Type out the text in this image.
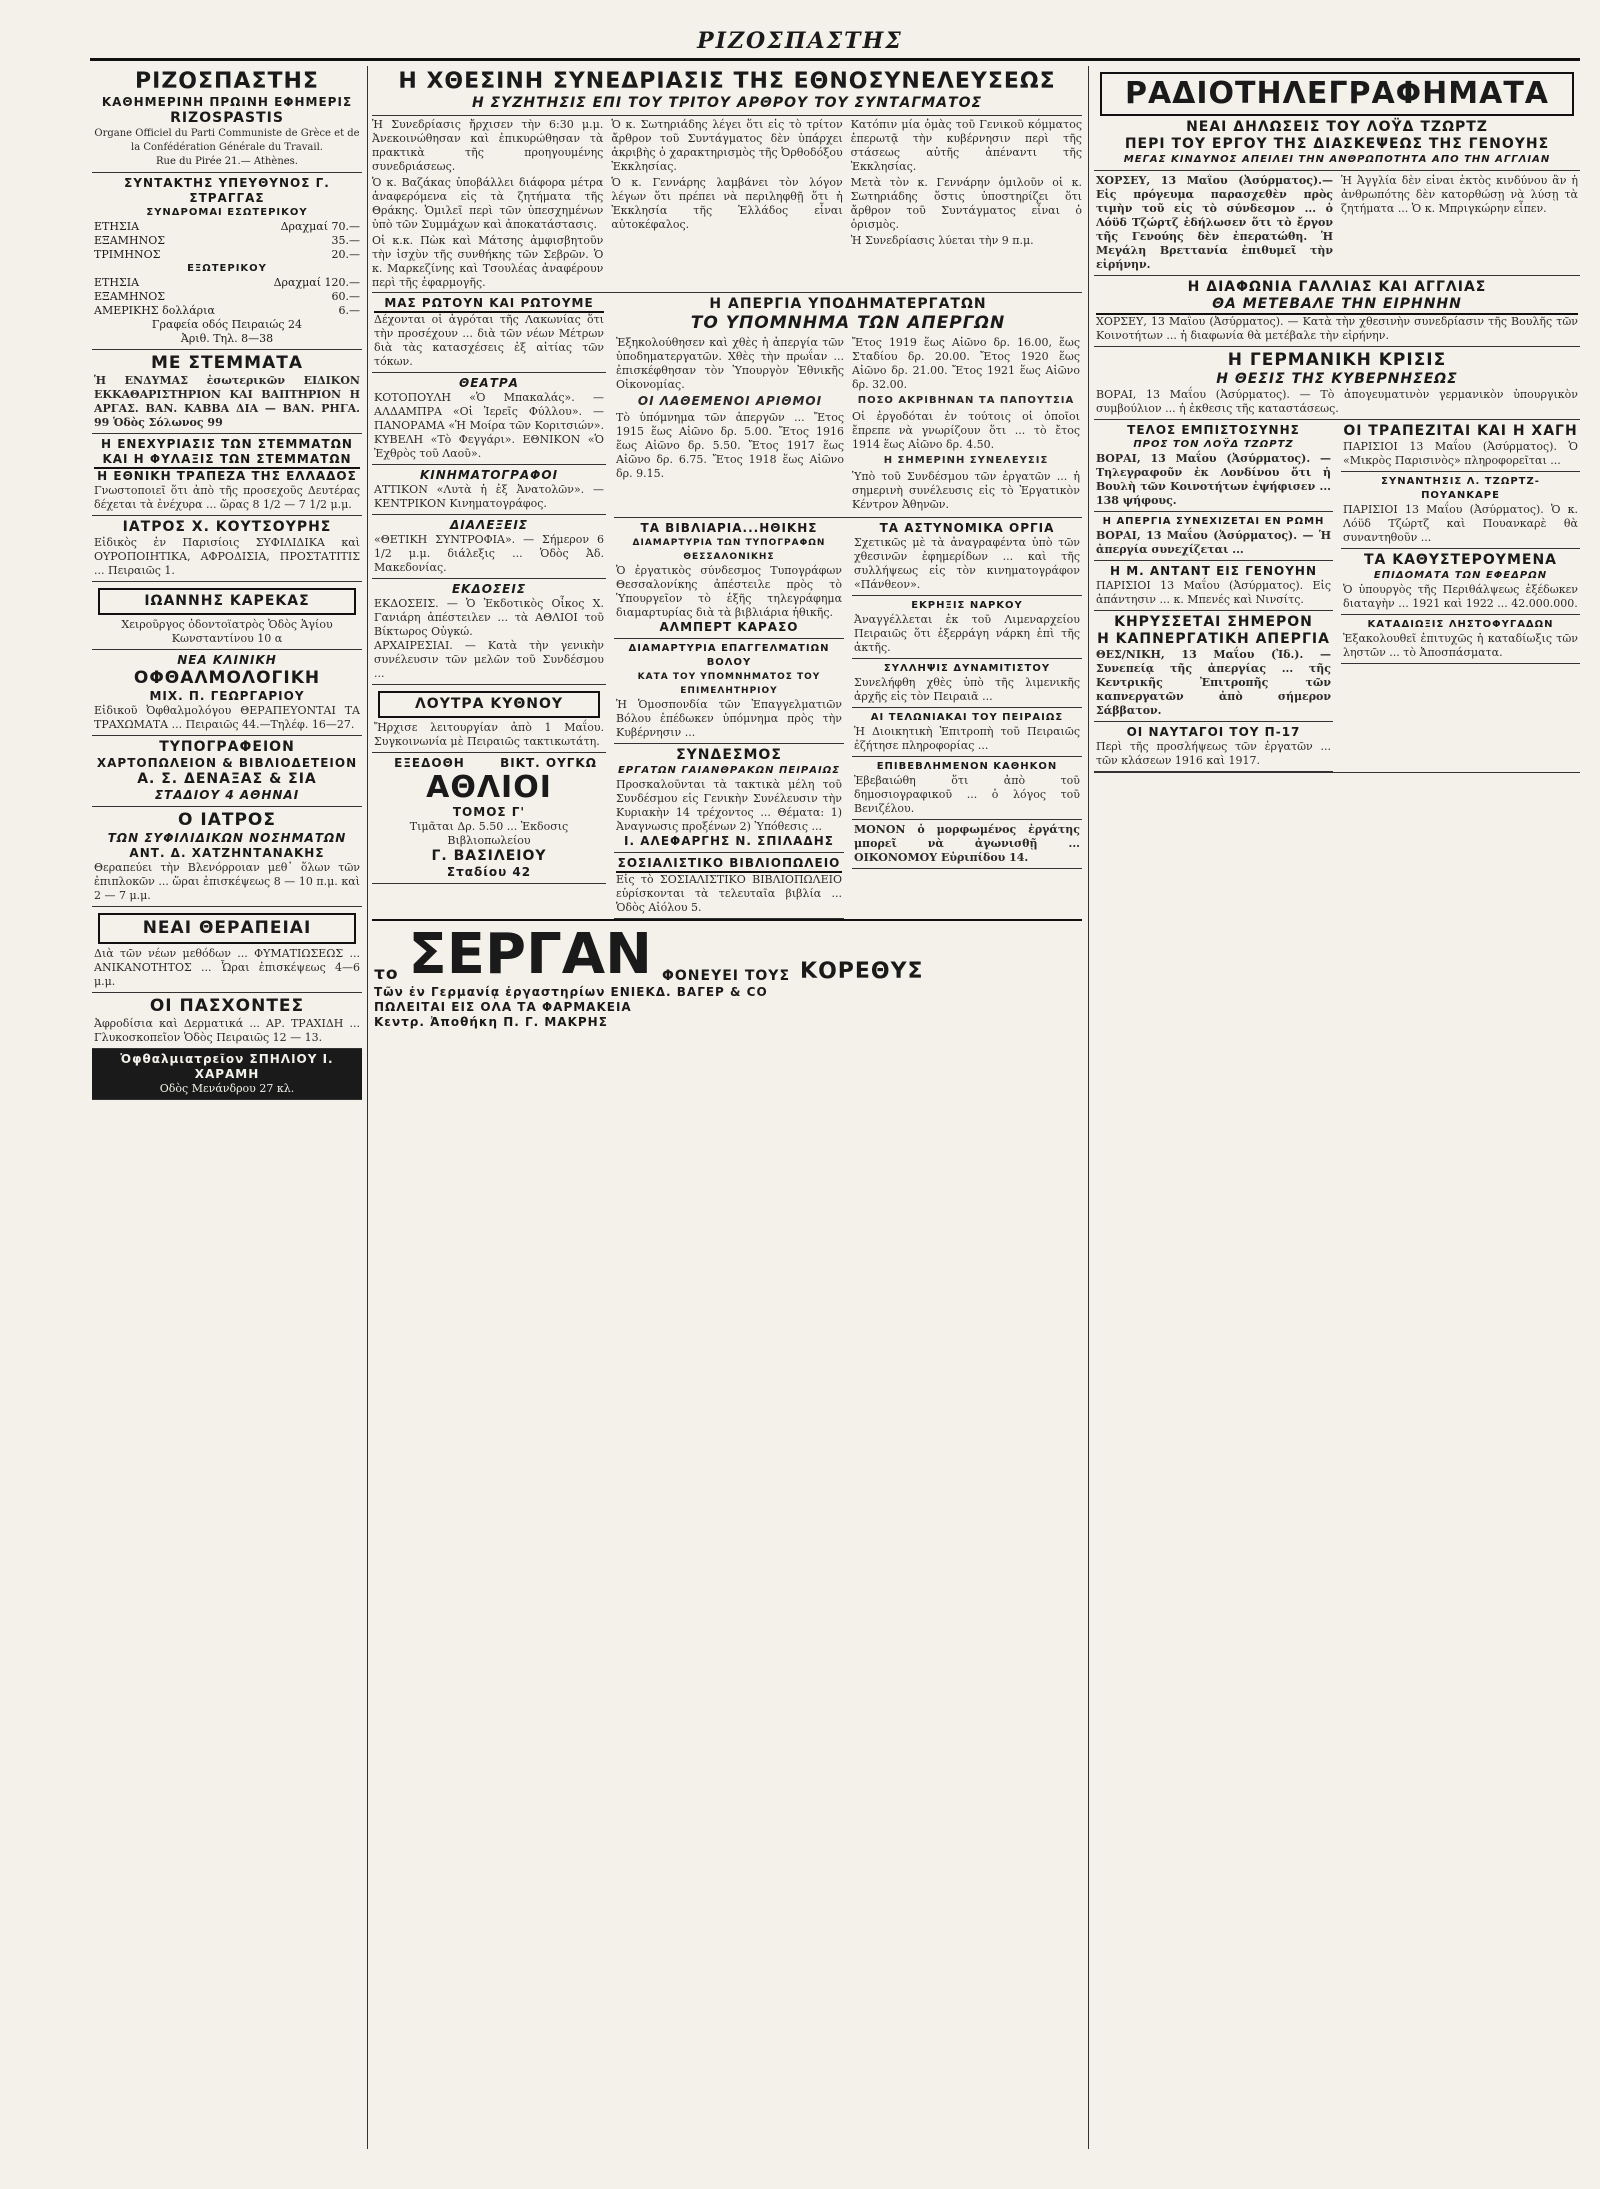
ΡΙΖΟΣΠΑΣΤΗΣ
ΡΙΖΟΣΠΑΣΤΗΣ
ΚΑΘΗΜΕΡΙΝΗ ΠΡΩΙΝΗ ΕΦΗΜΕΡΙΣ
RIZOSPASTIS
Organe Officiel du Parti Communiste de Grèce et de la Confédération Générale du Travail.
Rue du Pirée 21.— Athènes.
ΣΥΝΤΑΚΤΗΣ ΥΠΕΥΘΥΝΟΣ Γ. ΣΤΡΑΓΓΑΣ
ΣΥΝΔΡΟΜΑΙ ΕΣΩΤΕΡΙΚΟΥ
ΕΤΗΣΙΑ	Δραχμαί 70.—
ΕΞΑΜΗΝΟΣ	35.—
ΤΡΙΜΗΝΟΣ	20.—
ΕΞΩΤΕΡΙΚΟΥ
ΕΤΗΣΙΑ	Δραχμαί 120.—
ΕΞΑΜΗΝΟΣ	60.—
ΑΜΕΡΙΚΗΣ δολλάρια	6.—
Γραφεία οδός Πειραιώς 24
Ἀριθ. Τηλ. 8—38
ΜΕ ΣΤΕΜΜΑΤΑ
Ἡ ΕΝΔΥΜΑΣ ἐσωτερικῶν ΕΙΔΙΚΟΝ ΕΚΚΑΘΑΡΙΣΤΗΡΙΟΝ ΚΑΙ ΒΑΠΤΗΡΙΟΝ Η ΑΡΓΑΣ. ΒΑΝ. ΚΑΒΒΑ ΔΙΑ — ΒΑΝ. ΡΗΓΑ. 99 Ὁδὸς Σόλωνος 99
Η ΕΝΕΧΥΡΙΑΣΙΣ ΤΩΝ ΣΤΕΜΜΑΤΩΝ ΚΑΙ Η ΦΥΛΑΞΙΣ ΤΩΝ ΣΤΕΜΜΑΤΩΝ
Η ΕΘΝΙΚΗ ΤΡΑΠΕΖΑ ΤΗΣ ΕΛΛΑΔΟΣ
Γνωστοποιεῖ ὅτι ἀπὸ τῆς προσεχοῦς Δευτέρας δέχεται τὰ ἐνέχυρα ... ὥρας 8 1/2 — 7 1/2 μ.μ.
ΙΑΤΡΟΣ Χ. ΚΟΥΤΣΟΥΡΗΣ
Εἰδικὸς ἐν Παρισίοις ΣΥΦΙΛΙΔΙΚΑ καὶ ΟΥΡΟΠΟΙΗΤΙΚΑ, ΑΦΡΟΔΙΣΙΑ, ΠΡΟΣΤΑΤΙΤΙΣ ... Πειραιῶς 1.
ΙΩΑΝΝΗΣ ΚΑΡΕΚΑΣ
Χειροῦργος ὀδοντοϊατρὸς Ὁδὸς Ἁγίου Κωνσταντίνου 10 α
ΝΕΑ ΚΛΙΝΙΚΗ
ΟΦΘΑΛΜΟΛΟΓΙΚΗ
ΜΙΧ. Π. ΓΕΩΡΓΑΡΙΟΥ
Εἰδικοῦ Ὀφθαλμολόγου ΘΕΡΑΠΕΥΟΝΤΑΙ ΤΑ ΤΡΑΧΩΜΑΤΑ ... Πειραιῶς 44.—Τηλέφ. 16—27.
ΤΥΠΟΓΡΑΦΕΙΟΝ
ΧΑΡΤΟΠΩΛΕΙΟΝ & ΒΙΒΛΙΟΔΕΤΕΙΟΝ
Α. Σ. ΔΕΝΑΞΑΣ & ΣΙΑ
ΣΤΑΔΙΟΥ 4 ΑΘΗΝΑΙ
Ο ΙΑΤΡΟΣ
ΤΩΝ ΣΥΦΙΛΙΔΙΚΩΝ ΝΟΣΗΜΑΤΩΝ
ΑΝΤ. Δ. ΧΑΤΖΗΝΤΑΝΑΚΗΣ
Θεραπεύει τὴν Βλενόρροιαν μεθ᾽ ὅλων τῶν ἐπιπλοκῶν ... ὥραι ἐπισκέψεως 8 — 10 π.μ. καὶ 2 — 7 μ.μ.
ΝΕΑΙ ΘΕΡΑΠΕΙΑΙ
Διὰ τῶν νέων μεθόδων ... ΦΥΜΑΤΙΩΣΕΩΣ ... ΑΝΙΚΑΝΟΤΗΤΟΣ ... Ὧραι ἐπισκέψεως 4—6 μ.μ.
ΟΙ ΠΑΣΧΟΝΤΕΣ
Ἀφροδίσια καὶ Δερματικά ... ΑΡ. ΤΡΑΧΙΔΗ ... Γλυκοσκοπεῖον Ὁδὸς Πειραιῶς 12 — 13.
Ὀφθαλμιατρεῖον ΣΠΗΛΙΟΥ Ι. ΧΑΡΑΜΗ
Οδὸς Μενάνδρου 27 κλ.
Η ΧΘΕΣΙΝΗ ΣΥΝΕΔΡΙΑΣΙΣ ΤΗΣ ΕΘΝΟΣΥΝΕΛΕΥΣΕΩΣ
Η ΣΥΖΗΤΗΣΙΣ ΕΠΙ ΤΟΥ ΤΡΙΤΟΥ ΑΡΘΡΟΥ ΤΟΥ ΣΥΝΤΑΓΜΑΤΟΣ

Ἡ Συνεδρίασις ἤρχισεν τὴν 6:30 μ.μ. Ἀνεκοινώθησαν καὶ ἐπικυρώθησαν τὰ πρακτικὰ τῆς προηγουμένης συνεδριάσεως.

Ὁ κ. Βαζάκας ὑποβάλλει διάφορα μέτρα ἀναφερόμενα εἰς τὰ ζητήματα τῆς Θράκης. Ὁμιλεῖ περὶ τῶν ὑπεσχημένων ὑπὸ τῶν Συμμάχων καὶ ἀποκατάστασις.

Οἱ κ.κ. Πὼκ καὶ Μάτσης ἀμφισβητοῦν τὴν ἰσχὺν τῆς συνθήκης τῶν Σεβρῶν. Ὁ κ. Μαρκεζίνης καὶ Τσουλέας ἀναφέρουν περὶ τῆς ἐφαρμογῆς.

Ὁ κ. Σωτηριάδης λέγει ὅτι εἰς τὸ τρίτον ἄρθρον τοῦ Συντάγματος δὲν ὑπάρχει ἀκριβὴς ὁ χαρακτηρισμὸς τῆς Ὀρθοδόξου Ἐκκλησίας.

Ὁ κ. Γεννάρης λαμβάνει τὸν λόγον λέγων ὅτι πρέπει νὰ περιληφθῇ ὅτι ἡ Ἐκκλησία τῆς Ἑλλάδος εἶναι αὐτοκέφαλος.

Κατόπιν μία ὀμὰς τοῦ Γενικοῦ κόμματος ἐπερωτᾷ τὴν κυβέρνησιν περὶ τῆς στάσεως αὐτῆς ἀπέναντι τῆς Ἐκκλησίας.

Μετὰ τὸν κ. Γεννάρην ὁμιλοῦν οἱ κ. Σωτηριάδης ὅστις ὑποστηρίζει ὅτι ἄρθρον τοῦ Συντάγματος εἶναι ὁ ὁρισμὸς.

Ἡ Συνεδρίασις λύεται τὴν 9 π.μ.

ΜΑΣ ΡΩΤΟΥΝ ΚΑΙ ΡΩΤΟΥΜΕ
Δέχονται οἱ ἀγρόται τῆς Λακωνίας ὅτι τὴν προσέχουν ... διὰ τῶν νέων Μέτρων διὰ τὰς κατασχέσεις ἐξ αἰτίας τῶν τόκων.
ΘΕΑΤΡΑ
ΚΟΤΟΠΟΥΛΗ «Ὁ Μπακαλάς». — ΑΛΔΑΜΠΡΑ «Οἱ Ἱερεῖς Φύλλου». — ΠΑΝΟΡΑΜΑ «Ἡ Μοίρα τῶν Κοριτσιών». ΚΥΒΕΛΗ «Τὸ Φεγγάρι». ΕΘΝΙΚΟΝ «Ὁ Ἐχθρὸς τοῦ Λαοῦ».
ΚΙΝΗΜΑΤΟΓΡΑΦΟΙ
ΑΤΤΙΚΟΝ «Λυτὰ ἡ ἐξ Ἀνατολῶν». — ΚΕΝΤΡΙΚΟΝ Κινηματογράφος.
ΔΙΑΛΕΞΕΙΣ
«ΘΕΤΙΚΗ ΣΥΝΤΡΟΦΙΑ». — Σήμερον 6 1/2 μ.μ. διάλεξις ... Ὁδὸς Ἀδ. Μακεδονίας.
ΕΚΔΟΣΕΙΣ
ΕΚΔΟΣΕΙΣ. — Ὁ Ἐκδοτικὸς Οἶκος Χ. Γανιάρη ἀπέστειλεν ... τὰ ΑΘΛΙΟΙ τοῦ Βίκτωρος Οὐγκώ.
ΑΡΧΑΙΡΕΣΙΑΙ. — Κατὰ τὴν γενικὴν συνέλευσιν τῶν μελῶν τοῦ Συνδέσμου ...
ΛΟΥΤΡΑ ΚΥΘΝΟΥ
Ἤρχισε λειτουργίαν ἀπὸ 1 Μαΐου. Συγκοινωνία μὲ Πειραιῶς τακτικωτάτη.
ΕΞΕΔΟΘΗ	ΒΙΚΤ. ΟΥΓΚΩ
ΑΘΛΙΟΙ
ΤΟΜΟΣ Γ'
Τιμᾶται Δρ. 5.50 ... Ἐκδοσις Βιβλιοπωλείου
Γ. ΒΑΣΙΛΕΙΟΥ
Σταδίου 42
Η ΑΠΕΡΓΙΑ ΥΠΟΔΗΜΑΤΕΡΓΑΤΩΝ
ΤΟ ΥΠΟΜΝΗΜΑ ΤΩΝ ΑΠΕΡΓΩΝ

Ἐξηκολούθησεν καὶ χθὲς ἡ ἀπεργία τῶν ὑποδηματεργατῶν. Χθὲς τὴν πρωΐαν ... ἐπισκέφθησαν τὸν Ὑπουργὸν Ἐθνικῆς Οἰκονομίας.

ΟΙ ΛΑΘΕΜΕΝΟΙ ΑΡΙΘΜΟΙ

Τὸ ὑπόμνημα τῶν ἀπεργῶν ... Ἔτος 1915 ἕως Αἰῶνο δρ. 5.00. Ἔτος 1916 ἕως Αἰῶνο δρ. 5.50. Ἔτος 1917 ἕως Αἰῶνο δρ. 6.75. Ἔτος 1918 ἕως Αἰῶνο δρ. 9.15.

Ἔτος 1919 ἕως Αἰῶνο δρ. 16.00, ἕως Σταδίου δρ. 20.00. Ἔτος 1920 ἕως Αἰῶνο δρ. 21.00. Ἔτος 1921 ἕως Αἰῶνο δρ. 32.00.

ΠΟΣΟ ΑΚΡΙΒΗΝΑΝ ΤΑ ΠΑΠΟΥΤΣΙΑ

Οἱ ἐργοδόται ἐν τούτοις οἱ ὁποῖοι ἔπρεπε νὰ γνωρίζουν ὅτι ... τὸ ἔτος 1914 ἕως Αἰῶνο δρ. 4.50.

Η ΣΗΜΕΡΙΝΗ ΣΥΝΕΛΕΥΣΙΣ

Ὑπὸ τοῦ Συνδέσμου τῶν ἐργατῶν ... ἡ σημερινὴ συνέλευσις εἰς τὸ Ἐργατικὸν Κέντρον Ἀθηνῶν.

ΤΑ ΒΙΒΛΙΑΡΙΑ...ΗΘΙΚΗΣ
ΔΙΑΜΑΡΤΥΡΙΑ ΤΩΝ ΤΥΠΟΓΡΑΦΩΝ ΘΕΣΣΑΛΟΝΙΚΗΣ
Ὁ ἐργατικὸς σύνδεσμος Τυπογράφων Θεσσαλονίκης ἀπέστειλε πρὸς τὸ Ὑπουργεῖον τὸ ἑξῆς τηλεγράφημα διαμαρτυρίας διὰ τὰ βιβλιάρια ἠθικῆς.
ΑΛΜΠΕΡΤ ΚΑΡΑΣΟ
ΔΙΑΜΑΡΤΥΡΙΑ ΕΠΑΓΓΕΛΜΑΤΙΩΝ ΒΟΛΟΥ
ΚΑΤΑ ΤΟΥ ΥΠΟΜΝΗΜΑΤΟΣ ΤΟΥ ΕΠΙΜΕΛΗΤΗΡΙΟΥ
Ἡ Ὁμοσπονδία τῶν Ἐπαγγελματιῶν Βόλου ἐπέδωκεν ὑπόμνημα πρὸς τὴν Κυβέρνησιν ...
ΣΥΝΔΕΣΜΟΣ
ΕΡΓΑΤΩΝ ΓΑΙΑΝΘΡΑΚΩΝ ΠΕΙΡΑΙΩΣ
Προσκαλοῦνται τὰ τακτικὰ μέλη τοῦ Συνδέσμου εἰς Γενικὴν Συνέλευσιν τὴν Κυριακὴν 14 τρέχοντος ... Θέματα: 1) Ἀναγνωσις προξένων 2) Ὑπόθεσις ...
Ι. ΑΛΕΦΑΡΓΗΣ Ν. ΣΠΙΛΑΔΗΣ
ΣΟΣΙΑΛΙΣΤΙΚΟ ΒΙΒΛΙΟΠΩΛΕΙΟ
Εἰς τὸ ΣΟΣΙΑΛΙΣΤΙΚΟ ΒΙΒΛΙΟΠΩΛΕΙΟ εὑρίσκονται τὰ τελευταῖα βιβλία ... Ὁδὸς Αἰόλου 5.
ΤΑ ΑΣΤΥΝΟΜΙΚΑ ΟΡΓΙΑ
Σχετικῶς μὲ τὰ ἀναγραφέντα ὑπὸ τῶν χθεσινῶν ἐφημερίδων ... καὶ τῆς συλλήψεως εἰς τὸν κινηματογράφον «Πάνθεον».
ΕΚΡΗΞΙΣ ΝΑΡΚΟΥ
Ἀναγγέλλεται ἐκ τοῦ Λιμεναρχείου Πειραιῶς ὅτι ἐξερράγη νάρκη ἐπὶ τῆς ἀκτῆς.
ΣΥΛΛΗΨΙΣ ΔΥΝΑΜΙΤΙΣΤΟΥ
Συνελήφθη χθὲς ὑπὸ τῆς λιμενικῆς ἀρχῆς εἰς τὸν Πειραιᾶ ...
ΑΙ ΤΕΛΩΝΙΑΚΑΙ ΤΟΥ ΠΕΙΡΑΙΩΣ
Ἡ Διοικητικὴ Ἐπιτροπὴ τοῦ Πειραιῶς ἐζήτησε πληροφορίας ...
ΕΠΙΒΕΒΛΗΜΕΝΟΝ ΚΑΘΗΚΟΝ
Ἐβεβαιώθη ὅτι ἀπὸ τοῦ δημοσιογραφικοῦ ... ὁ λόγος τοῦ Βενιζέλου.
ΜΟΝΟΝ ὁ μορφωμένος ἐργάτης μπορεῖ νὰ ἀγωνισθῇ ... ΟΙΚΟΝΟΜΟΥ Εὐριπίδου 14.
το ΣΕΡΓΑΝ ΦΟΝΕΥΕΙ ΤΟΥΣ ΚΟΡΕΘΥΣ
Τῶν ἐν Γερμανίᾳ ἐργαστηρίων ΕΝΙΕΚΔ. ΒΑΓΕΡ & CO
ΠΩΛΕΙΤΑΙ ΕΙΣ ΟΛΑ ΤΑ ΦΑΡΜΑΚΕΙΑ
Κεντρ. Ἀποθήκη Π. Γ. ΜΑΚΡΗΣ
ΡΑΔΙΟΤΗΛΕΓΡΑΦΗΜΑΤΑ
ΝΕΑΙ ΔΗΛΩΣΕΙΣ ΤΟΥ ΛΟΫΔ ΤΖΩΡΤΖ
ΠΕΡΙ ΤΟΥ ΕΡΓΟΥ ΤΗΣ ΔΙΑΣΚΕΨΕΩΣ ΤΗΣ ΓΕΝΟΥΗΣ
ΜΕΓΑΣ ΚΙΝΔΥΝΟΣ ΑΠΕΙΛΕΙ ΤΗΝ ΑΝΘΡΩΠΟΤΗΤΑ ΑΠΟ ΤΗΝ ΑΓΓΛΙΑΝ
ΧΟΡΣΕΥ, 13 Μαΐου (Ἀσύρματος).— Εἰς πρόγευμα παρασχεθὲν πρὸς τιμὴν τοῦ εἰς τὸ σύνδεσμον ... ὁ Λόϋδ Τζώρτζ ἐδήλωσεν ὅτι τὸ ἔργον τῆς Γενούης δὲν ἐπερατώθη. Ἡ Μεγάλη Βρεττανία ἐπιθυμεῖ τὴν εἰρήνην.
Ἡ Ἀγγλία δὲν εἶναι ἐκτὸς κινδύνου ἂν ἡ ἀνθρωπότης δὲν κατορθώσῃ νὰ λύσῃ τὰ ζητήματα ... Ὁ κ. Μπριγκώρην εἶπεν.
Η ΔΙΑΦΩΝΙΑ ΓΑΛΛΙΑΣ ΚΑΙ ΑΓΓΛΙΑΣ
ΘΑ ΜΕΤΕΒΑΛΕ ΤΗΝ ΕΙΡΗΝΗΝ
ΧΟΡΣΕΥ, 13 Μαΐου (Ἀσύρματος). — Κατὰ τὴν χθεσινὴν συνεδρίασιν τῆς Βουλῆς τῶν Κοινοτήτων ... ἡ διαφωνία θὰ μετέβαλε τὴν εἰρήνην.
Η ΓΕΡΜΑΝΙΚΗ ΚΡΙΣΙΣ
Η ΘΕΣΙΣ ΤΗΣ ΚΥΒΕΡΝΗΣΕΩΣ
ΒΟΡΑΙ, 13 Μαΐου (Ἀσύρματος). — Τὸ ἀπογευματινὸν γερμανικὸν ὑπουργικὸν συμβούλιον ... ἡ ἐκθεσις τῆς καταστάσεως.
ΤΕΛΟΣ ΕΜΠΙΣΤΟΣΥΝΗΣ
ΠΡΟΣ ΤΟΝ ΛΟΫΔ ΤΖΩΡΤΖ
ΒΟΡΑΙ, 13 Μαΐου (Ἀσύρματος). — Τηλεγραφοῦν ἐκ Λονδίνου ὅτι ἡ Βουλὴ τῶν Κοινοτήτων ἐψήφισεν ... 138 ψήφους.
Η ΑΠΕΡΓΙΑ ΣΥΝΕΧΙΖΕΤΑΙ ΕΝ ΡΩΜΗ
ΒΟΡΑΙ, 13 Μαΐου (Ἀσύρματος). — Ἡ ἀπεργία συνεχίζεται ...
Η Μ. ΑΝΤΑΝΤ ΕΙΣ ΓΕΝΟΥΗΝ
ΠΑΡΙΣΙΟΙ 13 Μαΐου (Ἀσύρματος). Εἰς ἀπάντησιν ... κ. Μπενές καὶ Νινσίτς.
ΚΗΡΥΣΣΕΤΑΙ ΣΗΜΕΡΟΝ
Η ΚΑΠΝΕΡΓΑΤΙΚΗ ΑΠΕΡΓΙΑ
ΘΕΣ/ΝΙΚΗ, 13 Μαΐου (Ἰδ.). — Συνεπείᾳ τῆς ἀπεργίας ... τῆς Κεντρικῆς Ἐπιτροπῆς τῶν καπνεργατῶν ἀπὸ σήμερον Σάββατον.
ΟΙ ΝΑΥΤΑΓΟΙ ΤΟΥ Π-17
Περὶ τῆς προσλήψεως τῶν ἐργατῶν ... τῶν κλάσεων 1916 καὶ 1917.
ΟΙ ΤΡΑΠΕΖΙΤΑΙ ΚΑΙ Η ΧΑΓΗ
ΠΑΡΙΣΙΟΙ 13 Μαΐου (Ἀσύρματος). Ὁ «Μικρὸς Παρισινὸς» πληροφορεῖται ...
ΣΥΝΑΝΤΗΣΙΣ Λ. ΤΖΩΡΤΖ-ΠΟΥΑΝΚΑΡΕ
ΠΑΡΙΣΙΟΙ 13 Μαΐου (Ἀσύρματος). Ὁ κ. Λόϋδ Τζώρτζ καὶ Πουανκαρὲ θὰ συναντηθοῦν ...
ΤΑ ΚΑΘΥΣΤΕΡΟΥΜΕΝΑ
ΕΠΙΔΟΜΑΤΑ ΤΩΝ ΕΦΕΔΡΩΝ
Ὁ ὑπουργὸς τῆς Περιθάλψεως ἐξέδωκεν διαταγὴν ... 1921 καὶ 1922 ... 42.000.000.
ΚΑΤΑΔΙΩΞΙΣ ΛΗΣΤΟΦΥΓΑΔΩΝ
Ἐξακολουθεῖ ἐπιτυχῶς ἡ καταδίωξις τῶν ληστῶν ... τὸ Ἀποσπάσματα.
